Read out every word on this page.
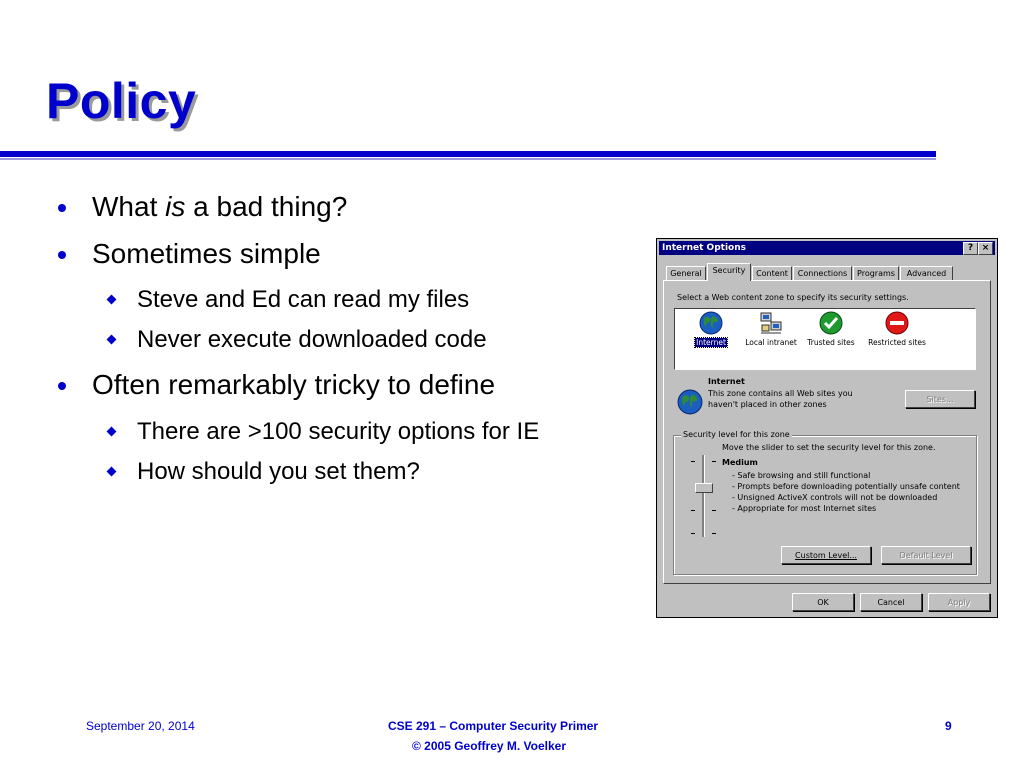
Policy
What is a bad thing?
Sometimes simple
Steve and Ed can read my files
Never execute downloaded code
Often remarkably tricky to define
There are >100 security options for IE
How should you set them?
Internet Options	? ×
General	Security	Content	Connections	Programs	Advanced
Select a Web content zone to specify its security settings.
Internet	Local intranet	Trusted sites	Restricted sites
Internet
This zone contains all Web sites you
haven't placed in other zones
Sites...
Security level for this zone
Move the slider to set the security level for this zone.
Medium
- Safe browsing and still functional
- Prompts before downloading potentially unsafe content
- Unsigned ActiveX controls will not be downloaded
- Appropriate for most Internet sites
Custom Level...	Default Level
OK	Cancel	Apply
September 20, 2014	CSE 291 – Computer Security Primer
© 2005 Geoffrey M. Voelker
9
